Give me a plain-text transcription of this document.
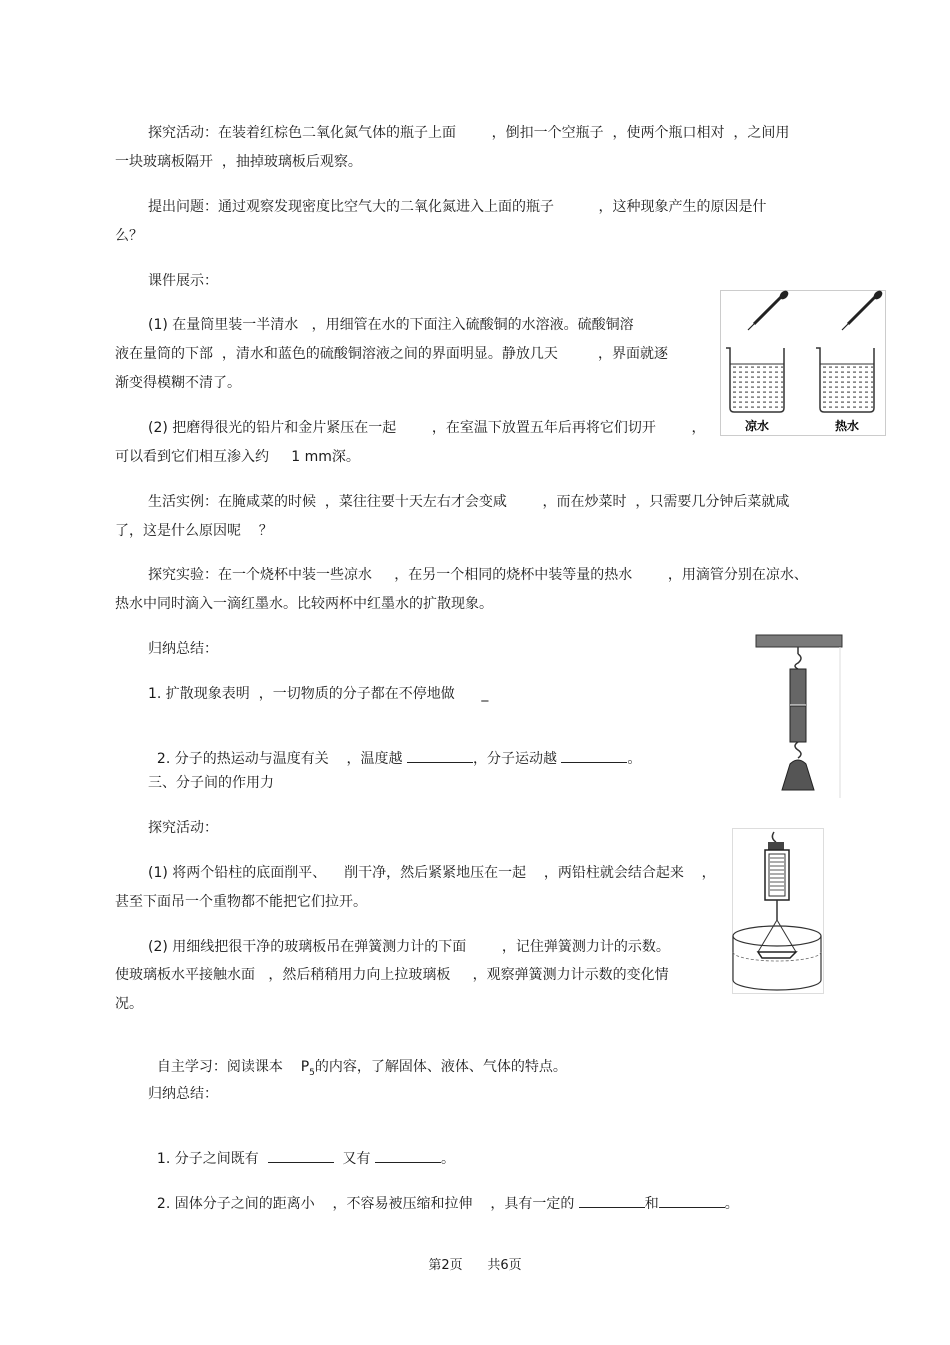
探究活动：在装着红棕色二氧化氮气体的瓶子上面        ，倒扣一个空瓶子  ，使两个瓶口相对  ，之间用
一块玻璃板隔开  ，抽掉玻璃板后观察。
提出问题：通过观察发现密度比空气大的二氧化氮进入上面的瓶子          ，这种现象产生的原因是什
么？
课件展示：
(1) 在量筒里装一半清水   ，用细管在水的下面注入硫酸铜的水溶液。硫酸铜溶
液在量筒的下部  ，清水和蓝色的硫酸铜溶液之间的界面明显。静放几天         ，界面就逐
渐变得模糊不清了。
(2) 把磨得很光的铅片和金片紧压在一起        ，在室温下放置五年后再将它们切开        ，
可以看到它们相互渗入约     1 mm深。
生活实例：在腌咸菜的时候  ，菜往往要十天左右才会变咸        ，而在炒菜时  ，只需要几分钟后菜就咸
了，这是什么原因呢    ？
探究实验：在一个烧杯中装一些凉水     ，在另一个相同的烧杯中装等量的热水        ，用滴管分别在凉水、
热水中同时滴入一滴红墨水。比较两杯中红墨水的扩散现象。
归纳总结：
1. 扩散现象表明  ，一切物质的分子都在不停地做      _

2. 分子的热运动与温度有关    ，温度越	，分子运动越	。

三、分子间的作用力
探究活动：
(1) 将两个铅柱的底面削平、    削干净，然后紧紧地压在一起    ，两铅柱就会结合起来    ，
甚至下面吊一个重物都不能把它们拉开。
(2) 用细线把很干净的玻璃板吊在弹簧测力计的下面        ，记住弹簧测力计的示数。
使玻璃板水平接触水面   ，然后稍稍用力向上拉玻璃板     ，观察弹簧测力计示数的变化情
况。

自主学习：阅读课本    $P_5$的内容，了解固体、液体、气体的特点。

归纳总结：

1. 分子之间既有	又有	。

2. 固体分子之间的距离小    ，不容易被压缩和拉伸    ，具有一定的	和	。

凉水	热水
第2页 共6页
